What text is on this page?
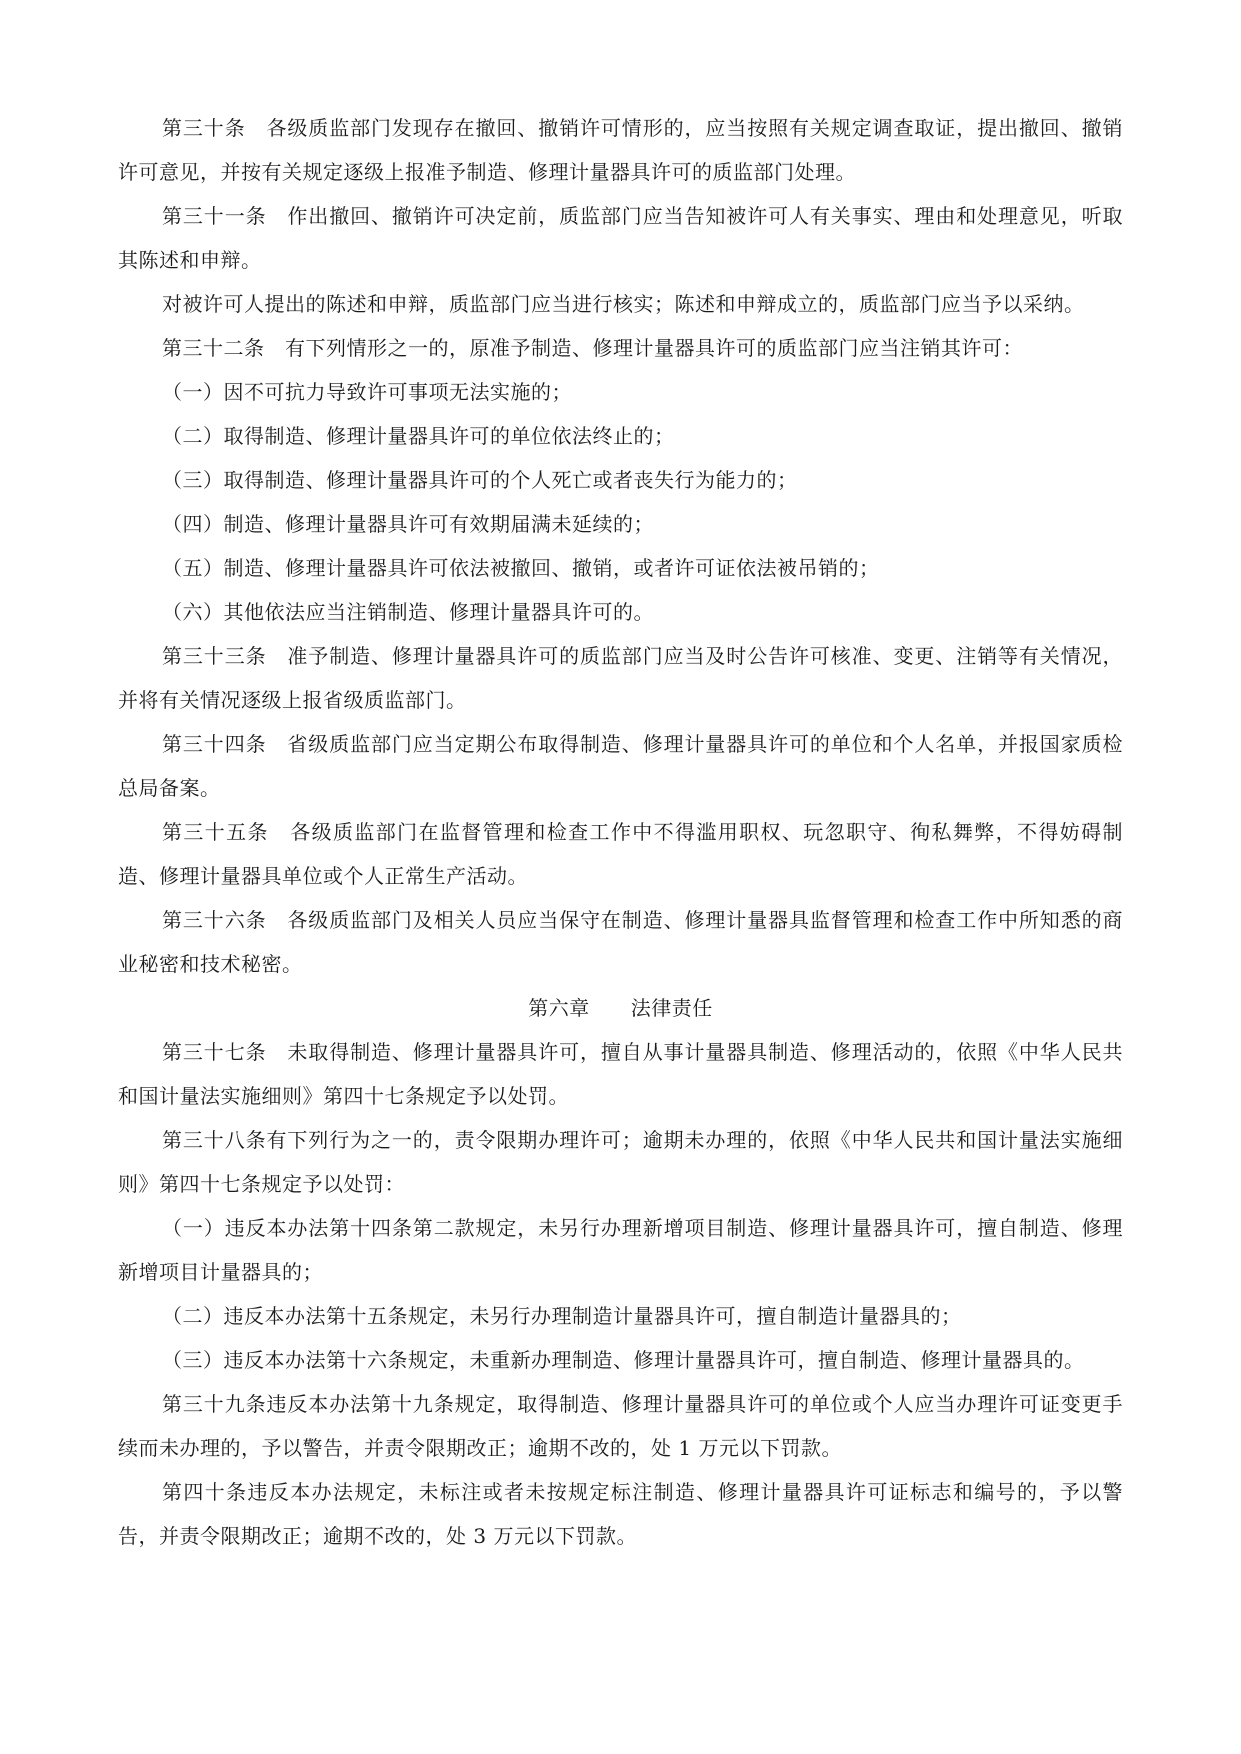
第三十条　各级质监部门发现存在撤回、撤销许可情形的，应当按照有关规定调查取证，提出撤回、撤销许可意见，并按有关规定逐级上报准予制造、修理计量器具许可的质监部门处理。

第三十一条　作出撤回、撤销许可决定前，质监部门应当告知被许可人有关事实、理由和处理意见，听取其陈述和申辩。

对被许可人提出的陈述和申辩，质监部门应当进行核实；陈述和申辩成立的，质监部门应当予以采纳。

第三十二条　有下列情形之一的，原准予制造、修理计量器具许可的质监部门应当注销其许可：

（一）因不可抗力导致许可事项无法实施的；

（二）取得制造、修理计量器具许可的单位依法终止的；

（三）取得制造、修理计量器具许可的个人死亡或者丧失行为能力的；

（四）制造、修理计量器具许可有效期届满未延续的；

（五）制造、修理计量器具许可依法被撤回、撤销，或者许可证依法被吊销的；

（六）其他依法应当注销制造、修理计量器具许可的。

第三十三条　准予制造、修理计量器具许可的质监部门应当及时公告许可核准、变更、注销等有关情况，并将有关情况逐级上报省级质监部门。

第三十四条　省级质监部门应当定期公布取得制造、修理计量器具许可的单位和个人名单，并报国家质检总局备案。

第三十五条　各级质监部门在监督管理和检查工作中不得滥用职权、玩忽职守、徇私舞弊，不得妨碍制造、修理计量器具单位或个人正常生产活动。

第三十六条　各级质监部门及相关人员应当保守在制造、修理计量器具监督管理和检查工作中所知悉的商业秘密和技术秘密。

第六章　　法律责任

第三十七条　未取得制造、修理计量器具许可，擅自从事计量器具制造、修理活动的，依照《中华人民共和国计量法实施细则》第四十七条规定予以处罚。

第三十八条有下列行为之一的，责令限期办理许可；逾期未办理的，依照《中华人民共和国计量法实施细则》第四十七条规定予以处罚：

（一）违反本办法第十四条第二款规定，未另行办理新增项目制造、修理计量器具许可，擅自制造、修理新增项目计量器具的；

（二）违反本办法第十五条规定，未另行办理制造计量器具许可，擅自制造计量器具的；

（三）违反本办法第十六条规定，未重新办理制造、修理计量器具许可，擅自制造、修理计量器具的。

第三十九条违反本办法第十九条规定，取得制造、修理计量器具许可的单位或个人应当办理许可证变更手续而未办理的，予以警告，并责令限期改正；逾期不改的，处 1 万元以下罚款。

第四十条违反本办法规定，未标注或者未按规定标注制造、修理计量器具许可证标志和编号的，予以警告，并责令限期改正；逾期不改的，处 3 万元以下罚款。
